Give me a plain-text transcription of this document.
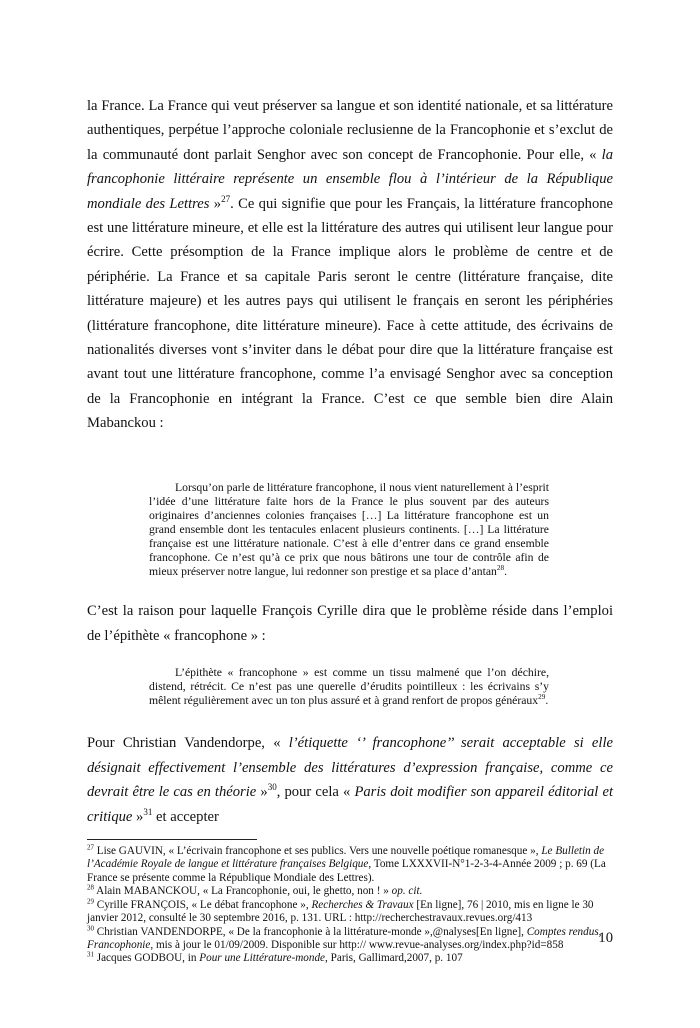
la France. La France qui veut préserver sa langue et son identité nationale, et sa littérature authentiques, perpétue l’approche coloniale reclusienne de la Francophonie et s’exclut de la communauté dont parlait Senghor avec son concept de Francophonie. Pour elle, « la francophonie littéraire représente un ensemble flou à l’intérieur de la République mondiale des Lettres »$^{27}$. Ce qui signifie que pour les Français, la littérature francophone est une littérature mineure, et elle est la littérature des autres qui utilisent leur langue pour écrire. Cette présomption de la France implique alors le problème de centre et de périphérie. La France et sa capitale Paris seront le centre (littérature française, dite littérature majeure) et les autres pays qui utilisent le français en seront les périphéries (littérature francophone, dite littérature mineure). Face à cette attitude, des écrivains de nationalités diverses vont s’inviter dans le débat pour dire que la littérature française est avant tout une littérature francophone, comme l’a envisagé Senghor avec sa conception de la Francophonie en intégrant la France. C’est ce que semble bien dire Alain Mabanckou :

Lorsqu’on parle de littérature francophone, il nous vient naturellement à l’esprit l’idée d’une littérature faite hors de la France le plus souvent par des auteurs originaires d’anciennes colonies françaises […] La littérature francophone est un grand ensemble dont les tentacules enlacent plusieurs continents. […] La littérature française est une littérature nationale. C’est à elle d’entrer dans ce grand ensemble francophone. Ce n’est qu’à ce prix que nous bâtirons une tour de contrôle afin de mieux préserver notre langue, lui redonner son prestige et sa place d’antan$^{28}$.

C’est la raison pour laquelle François Cyrille dira que le problème réside dans l’emploi de l’épithète « francophone » :

L’épithète « francophone » est comme un tissu malmené que l’on déchire, distend, rétrécit. Ce n’est pas une querelle d’érudits pointilleux : les écrivains s’y mêlent régulièrement avec un ton plus assuré et à grand renfort de propos généraux$^{29}$.

Pour Christian Vandendorpe, « l’étiquette ‘’ francophone’’ serait acceptable si elle désignait effectivement l’ensemble des littératures d’expression française, comme ce devrait être le cas en théorie »$^{30}$, pour cela « Paris doit modifier son appareil éditorial et critique »$^{31}$ et accepter

$^{27}$ Lise GAUVIN, « L’écrivain francophone et ses publics. Vers une nouvelle poétique romanesque », Le Bulletin de l’Académie Royale de langue et littérature françaises Belgique, Tome LXXXVII-N°1-2-3-4-Année 2009 ; p. 69 (La France se présente comme la République Mondiale des Lettres).

$^{28}$ Alain MABANCKOU, « La Francophonie, oui, le ghetto, non ! » op. cit.

$^{29}$ Cyrille FRANÇOIS, « Le débat francophone », Recherches & Travaux [En ligne], 76 | 2010, mis en ligne le 30 janvier 2012, consulté le 30 septembre 2016, p. 131. URL : http://recherchestravaux.revues.org/413

$^{30}$ Christian VANDENDORPE, « De la francophonie à la littérature-monde »,@nalyses[En ligne], Comptes rendus, Francophonie, mis à jour le 01/09/2009. Disponible sur http:// www.revue-analyses.org/index.php?id=858

$^{31}$ Jacques GODBOU, in Pour une Littérature-monde, Paris, Gallimard,2007, p. 107

10
